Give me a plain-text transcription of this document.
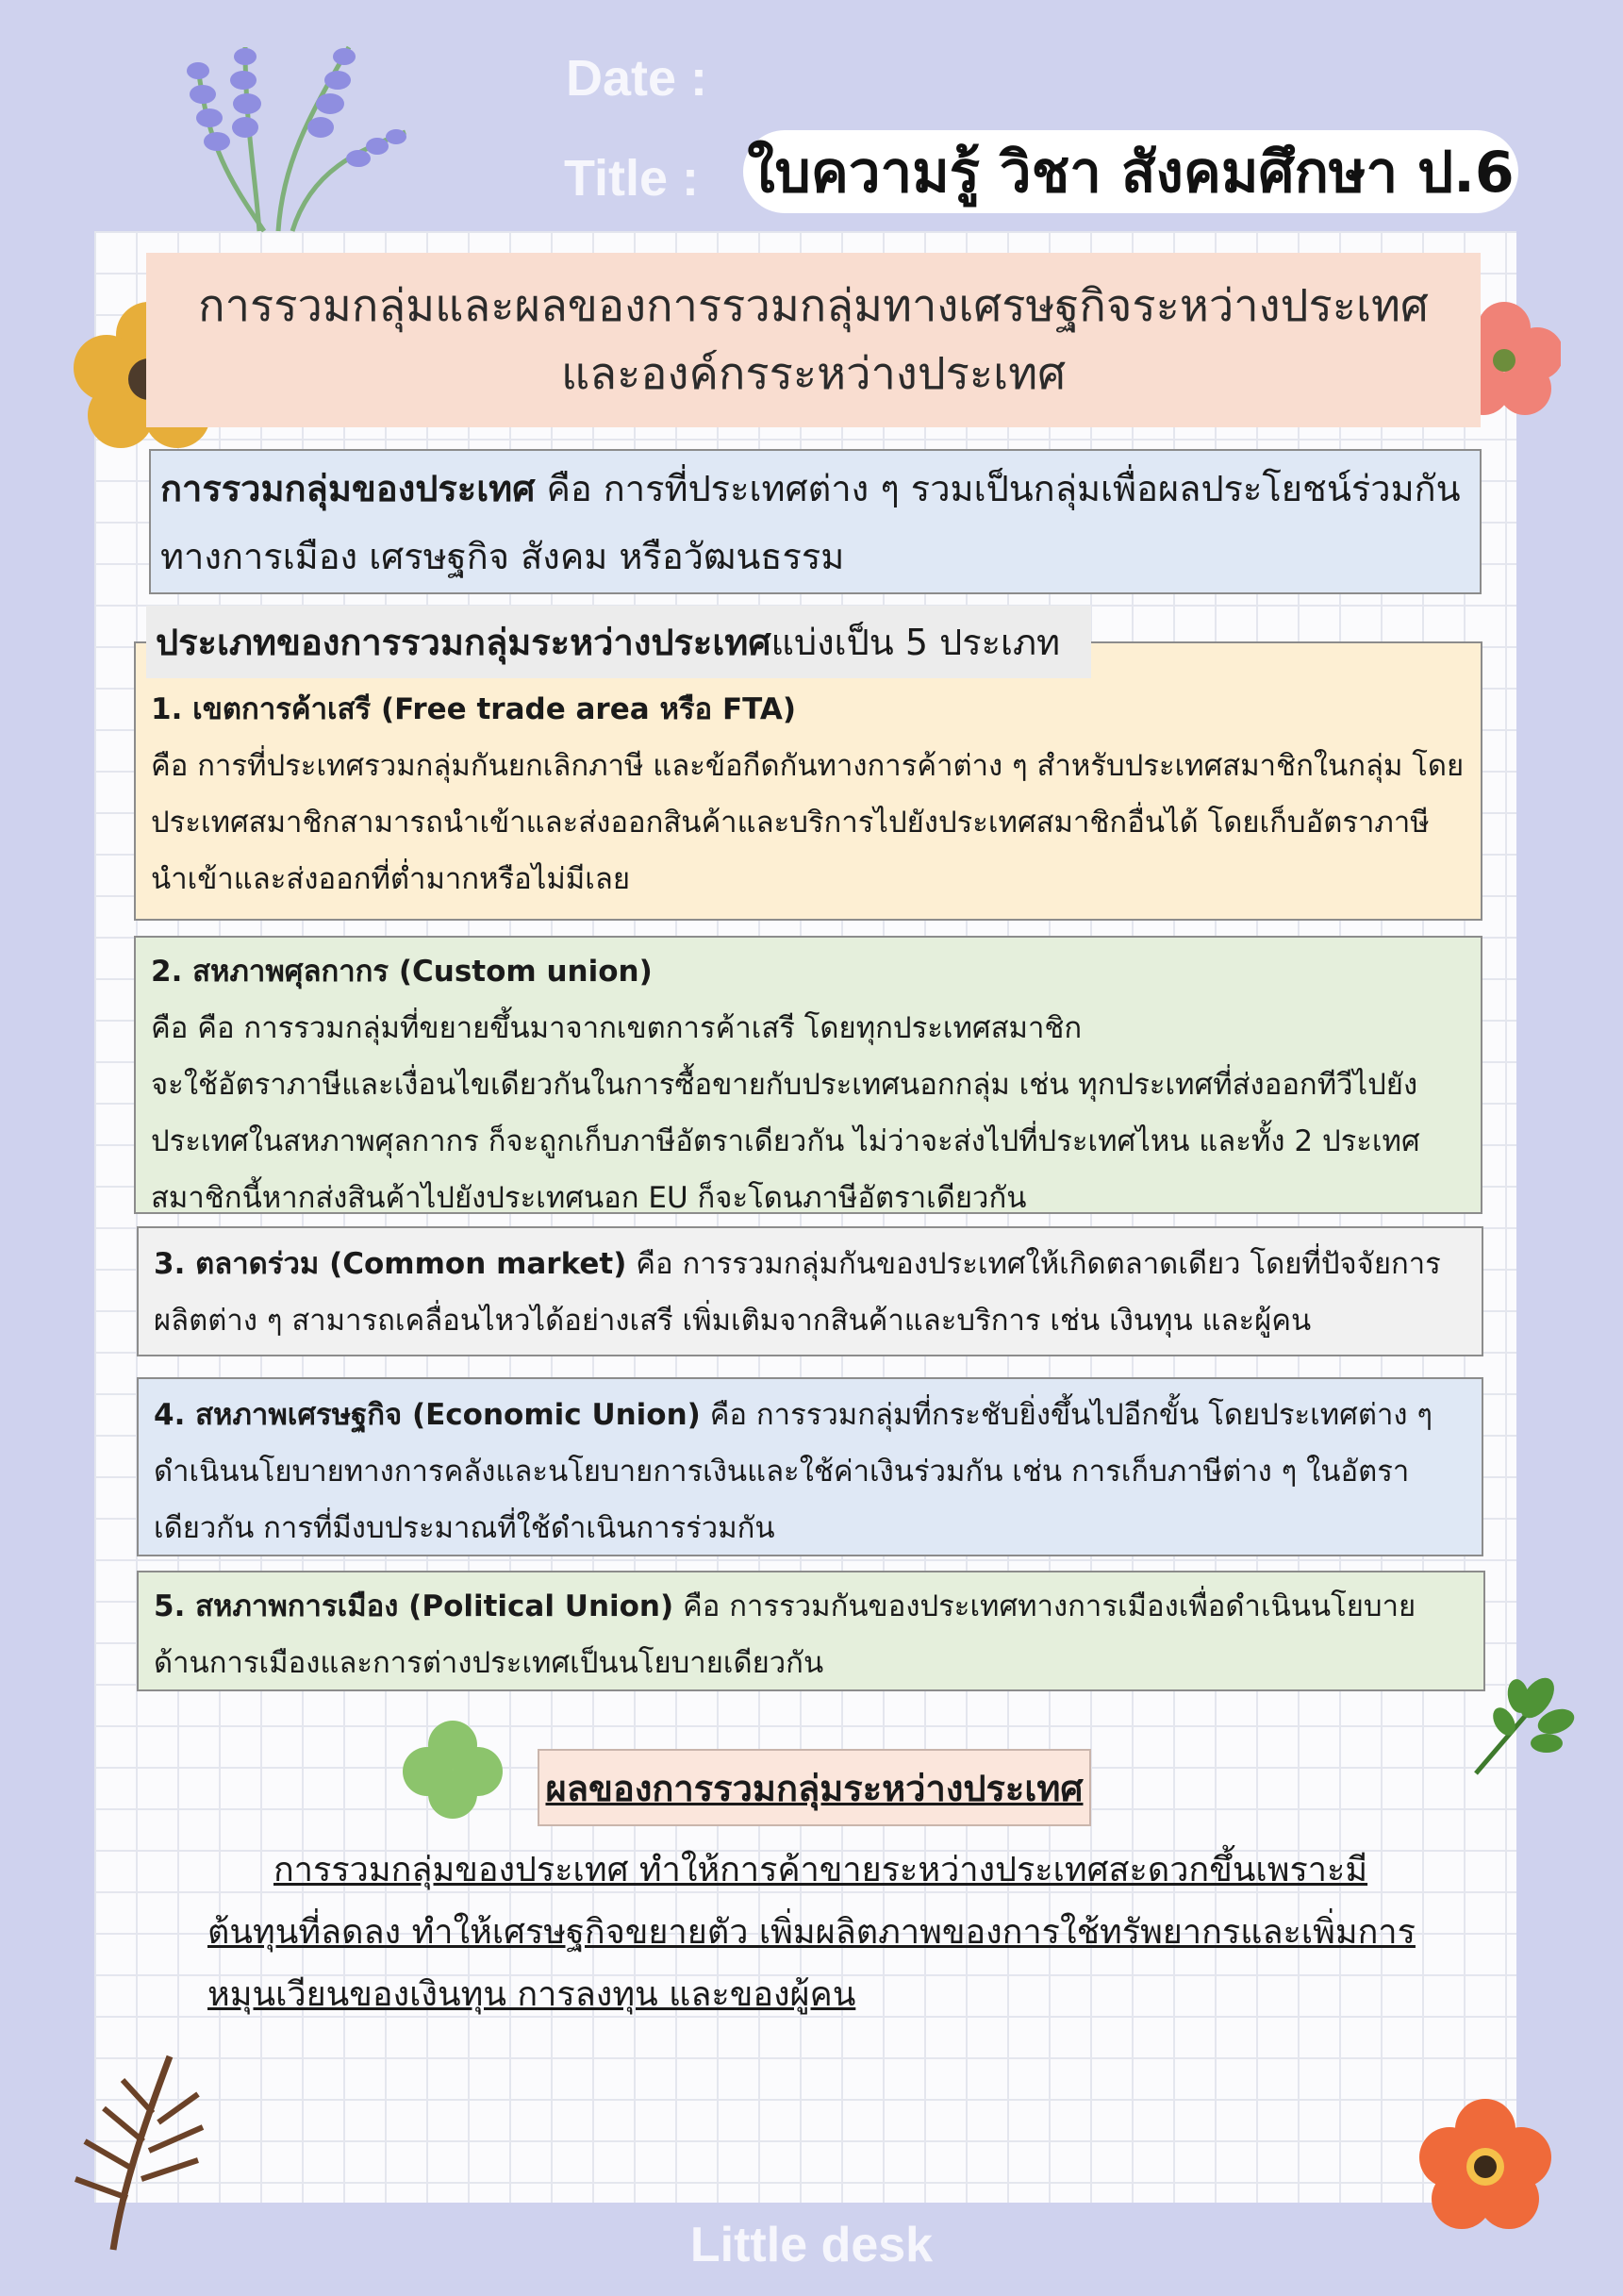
Date :
Title : ใบความรู้ วิชา สังคมศึกษา ป.6
การรวมกลุ่มและผลของการรวมกลุ่มทางเศรษฐกิจระหว่างประเทศ
และองค์กรระหว่างประเทศ
การรวมกลุ่มของประเทศ คือ การที่ประเทศต่าง ๆ รวมเป็นกลุ่มเพื่อผลประโยชน์ร่วมกันทางการเมือง เศรษฐกิจ สังคม หรือวัฒนธรรม
1. เขตการค้าเสรี (Free trade area หรือ FTA)
คือ การที่ประเทศรวมกลุ่มกันยกเลิกภาษี และข้อกีดกันทางการค้าต่าง ๆ สำหรับประเทศสมาชิกในกลุ่ม โดยประเทศสมาชิกสามารถนำเข้าและส่งออกสินค้าและบริการไปยังประเทศสมาชิกอื่นได้ โดยเก็บอัตราภาษีนำเข้าและส่งออกที่ต่ำมากหรือไม่มีเลย
ประเภทของการรวมกลุ่มระหว่างประเทศ แบ่งเป็น 5 ประเภท
2. สหภาพศุลกากร (Custom union)
คือ คือ การรวมกลุ่มที่ขยายขึ้นมาจากเขตการค้าเสรี โดยทุกประเทศสมาชิก
จะใช้อัตราภาษีและเงื่อนไขเดียวกันในการซื้อขายกับประเทศนอกกลุ่ม เช่น ทุกประเทศที่ส่งออกทีวีไปยังประเทศในสหภาพศุลกากร ก็จะถูกเก็บภาษีอัตราเดียวกัน ไม่ว่าจะส่งไปที่ประเทศไหน และทั้ง 2 ประเทศสมาชิกนี้หากส่งสินค้าไปยังประเทศนอก EU ก็จะโดนภาษีอัตราเดียวกัน
3. ตลาดร่วม (Common market) คือ การรวมกลุ่มกันของประเทศให้เกิดตลาดเดียว โดยที่ปัจจัยการผลิตต่าง ๆ สามารถเคลื่อนไหวได้อย่างเสรี เพิ่มเติมจากสินค้าและบริการ เช่น เงินทุน และผู้คน
4. สหภาพเศรษฐกิจ (Economic Union) คือ การรวมกลุ่มที่กระชับยิ่งขึ้นไปอีกขั้น โดยประเทศต่าง ๆ ดำเนินนโยบายทางการคลังและนโยบายการเงินและใช้ค่าเงินร่วมกัน เช่น การเก็บภาษีต่าง ๆ ในอัตราเดียวกัน การที่มีงบประมาณที่ใช้ดำเนินการร่วมกัน
5. สหภาพการเมือง (Political Union) คือ การรวมกันของประเทศทางการเมืองเพื่อดำเนินนโยบายด้านการเมืองและการต่างประเทศเป็นนโยบายเดียวกัน
ผลของการรวมกลุ่มระหว่างประเทศ
การรวมกลุ่มของประเทศ ทำให้การค้าขายระหว่างประเทศสะดวกขึ้นเพราะมีต้นทุนที่ลดลง ทำให้เศรษฐกิจขยายตัว เพิ่มผลิตภาพของการใช้ทรัพยากรและเพิ่มการหมุนเวียนของเงินทุน การลงทุน และของผู้คน
Little desk
